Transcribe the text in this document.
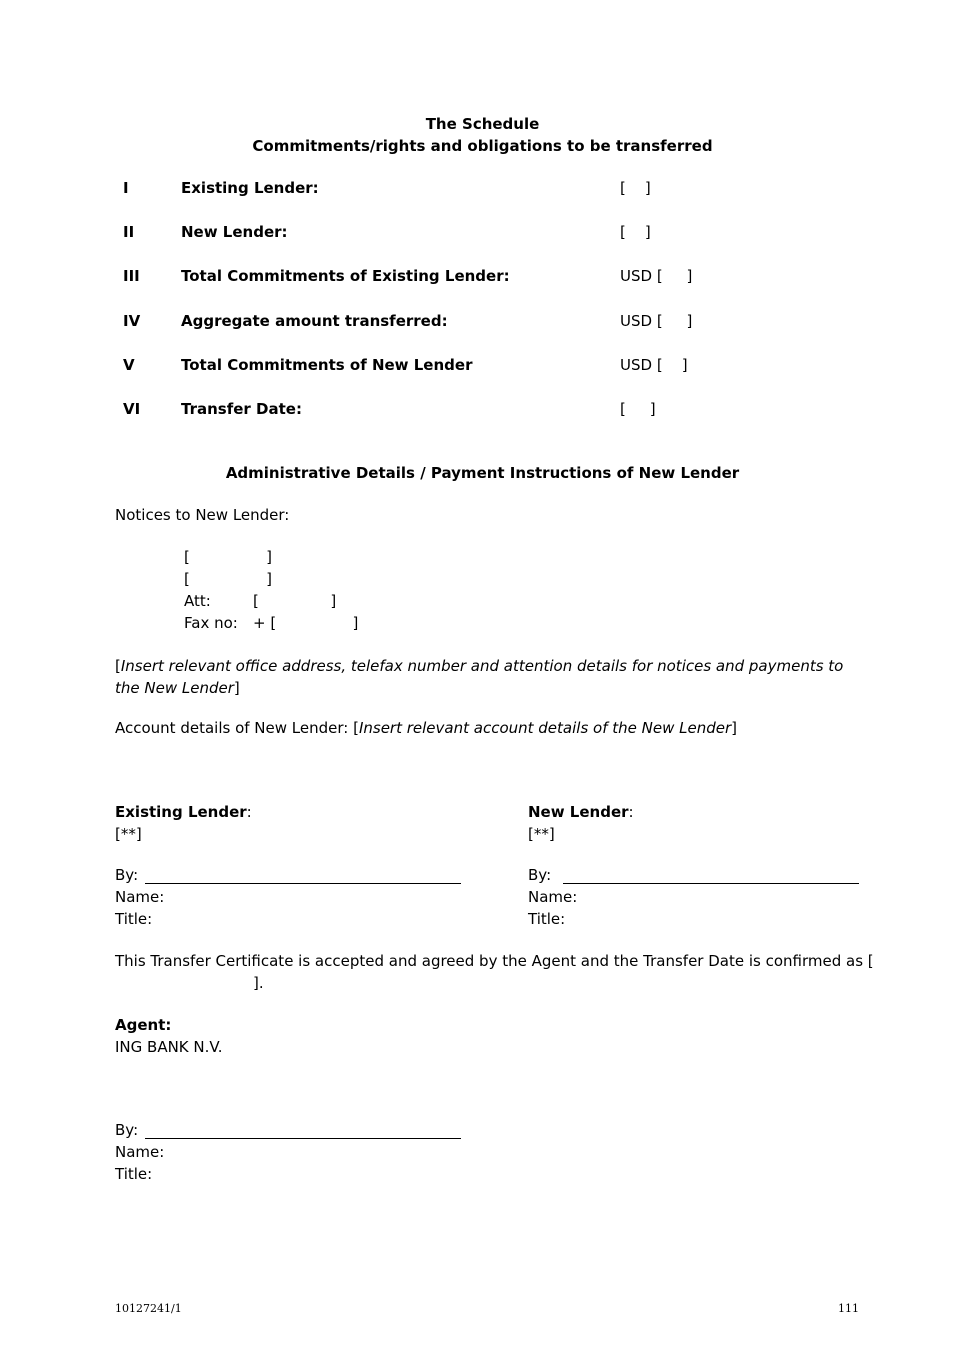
The Schedule
Commitments/rights and obligations to be transferred
I	Existing Lender:	[    ]
II	New Lender:	[    ]
III	Total Commitments of Existing Lender:	USD [     ]
IV	Aggregate amount transferred:	USD [     ]
V	Total Commitments of New Lender	USD [    ]
VI	Transfer Date:	[     ]
Administrative Details / Payment Instructions of New Lender
Notices to New Lender:
[                ]
[                ]
Att:	[               ]
Fax no: + [                ]
[Insert relevant office address, telefax number and attention details for notices and payments to the New Lender]
Account details of New Lender: [Insert relevant account details of the New Lender]
Existing Lender:
[**]
By:
Name:
Title:
New Lender:
[**]
By:
Name:
Title:
This Transfer Certificate is accepted and agreed by the Agent and the Transfer Date is confirmed as [
].
Agent:
ING BANK N.V.
By:
Name:
Title:
10127241/1	111
